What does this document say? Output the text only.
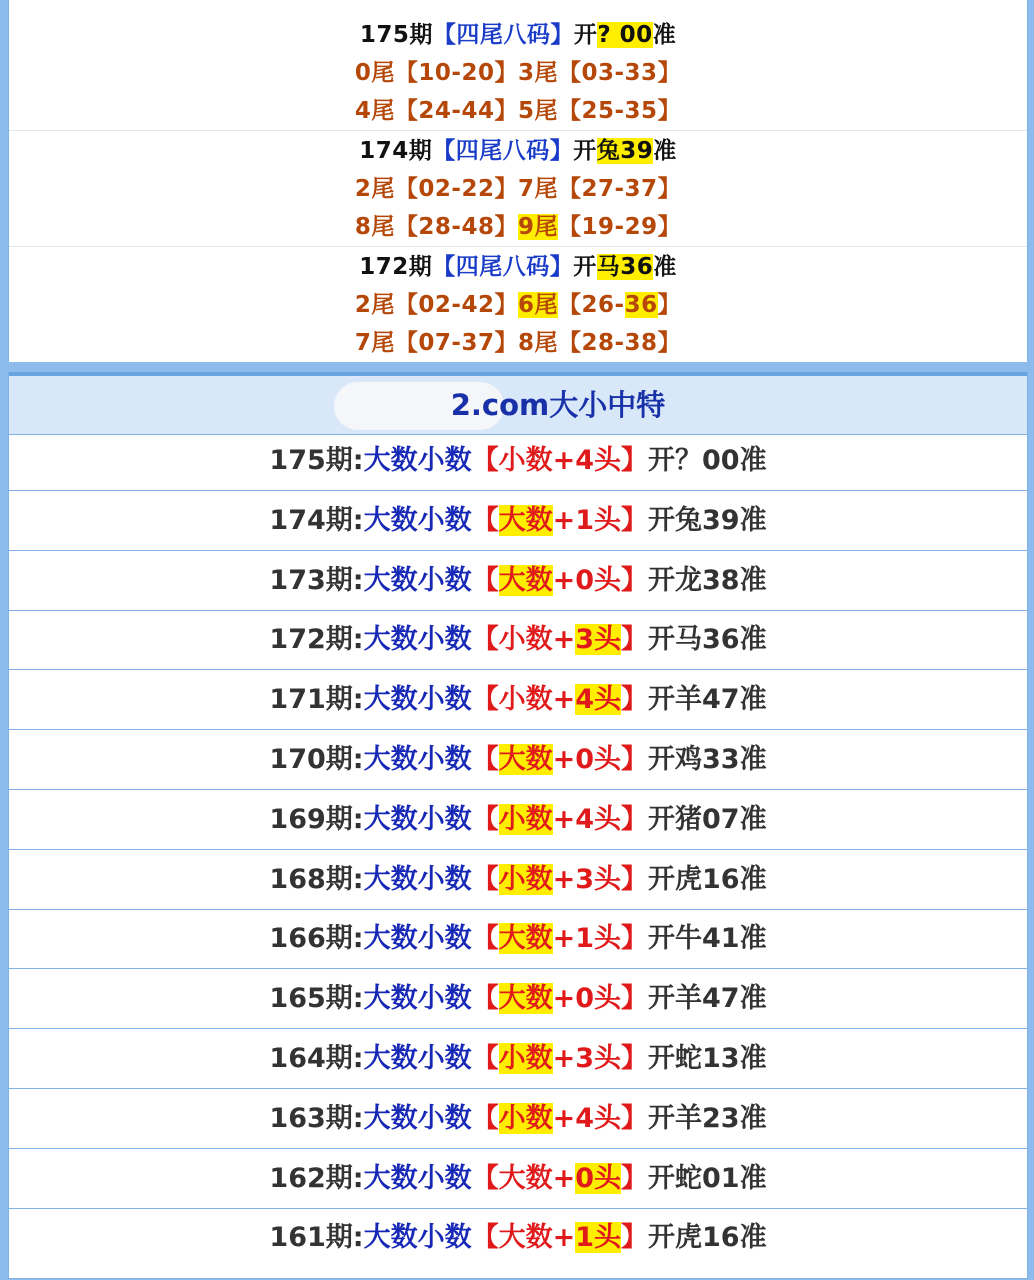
175期【四尾八码】开? 00准
0尾【10-20】3尾【03-33】
4尾【24-44】5尾【25-35】
174期【四尾八码】开兔39准
2尾【02-22】7尾【27-37】
8尾【28-48】9尾【19-29】
172期【四尾八码】开马36准
2尾【02-42】6尾【26-36】
7尾【07-37】8尾【28-38】
2.com大小中特
175期:大数小数【小数+4头】开？00准
174期:大数小数【大数+1头】开兔39准
173期:大数小数【大数+0头】开龙38准
172期:大数小数【小数+3头】开马36准
171期:大数小数【小数+4头】开羊47准
170期:大数小数【大数+0头】开鸡33准
169期:大数小数【小数+4头】开猪07准
168期:大数小数【小数+3头】开虎16准
166期:大数小数【大数+1头】开牛41准
165期:大数小数【大数+0头】开羊47准
164期:大数小数【小数+3头】开蛇13准
163期:大数小数【小数+4头】开羊23准
162期:大数小数【大数+0头】开蛇01准
161期:大数小数【大数+1头】开虎16准
